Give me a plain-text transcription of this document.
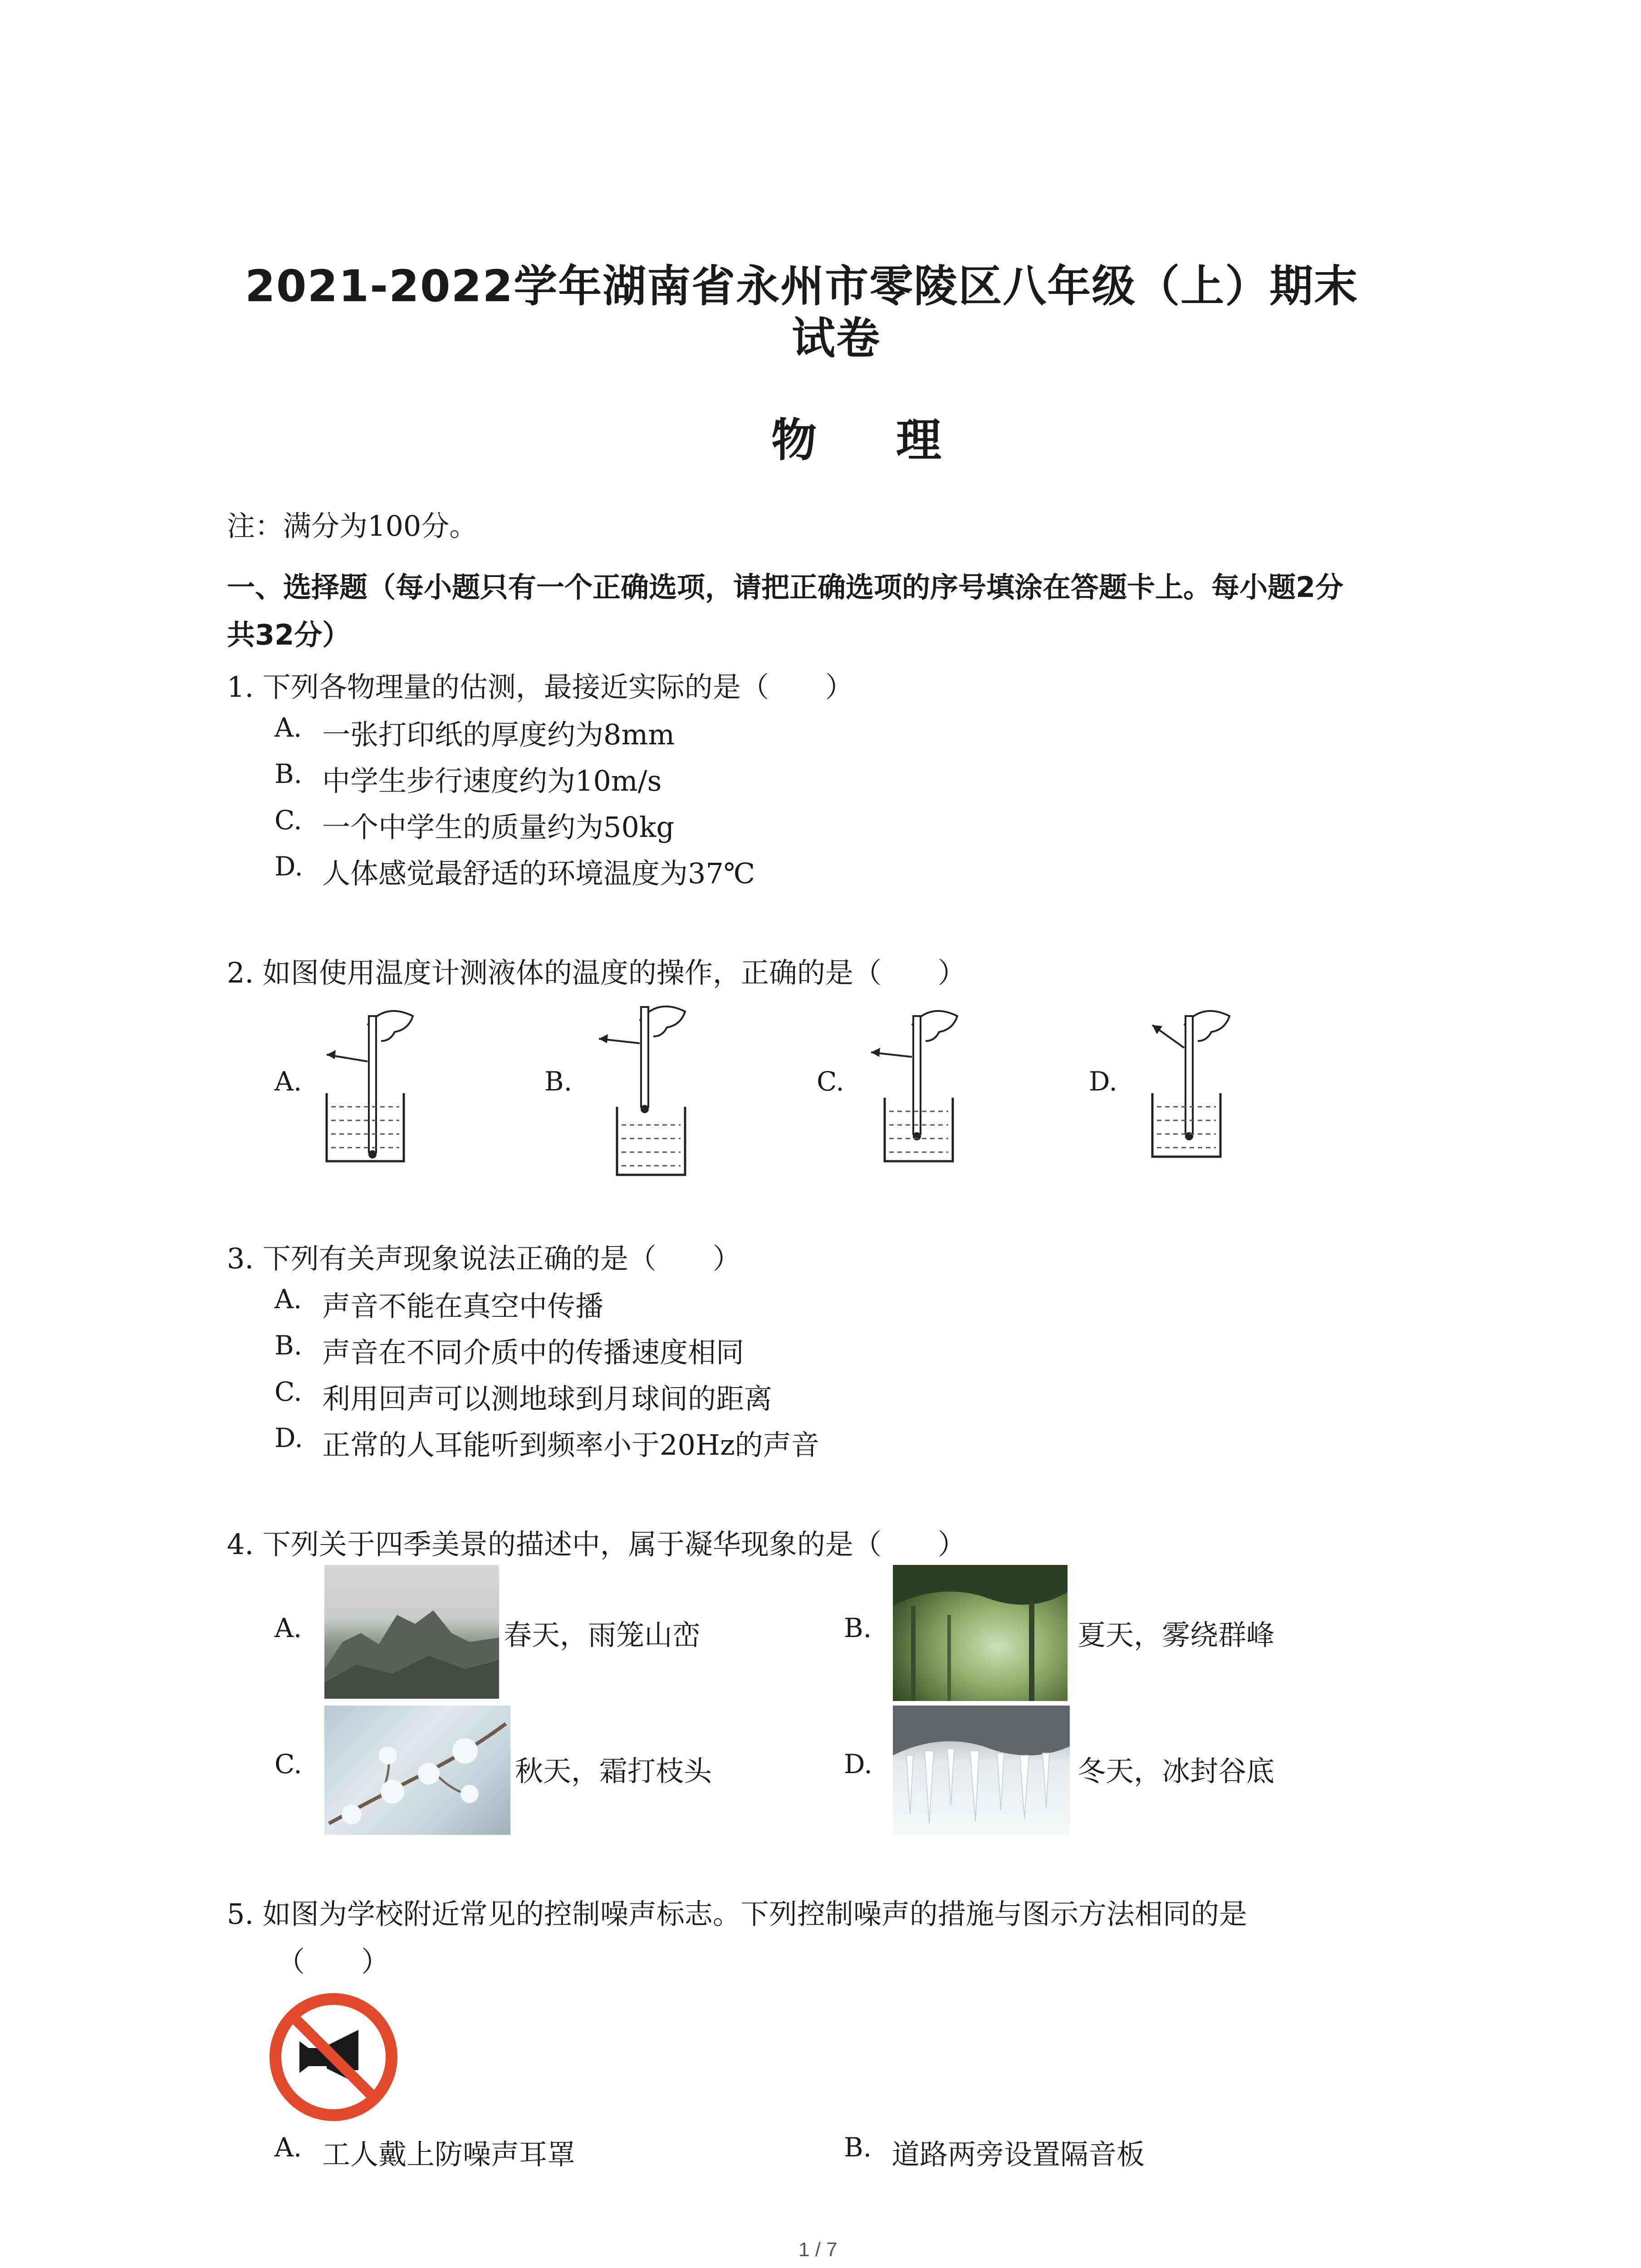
2021-2022学年湖南省永州市零陵区八年级（上）期末
试卷
物 理
注：满分为100分。
一、选择题（每小题只有一个正确选项，请把正确选项的序号填涂在答题卡上。每小题2分
共32分）
1. 下列各物理量的估测，最接近实际的是（　　）
A. 一张打印纸的厚度约为8mm
B. 中学生步行速度约为10m/s
C. 一个中学生的质量约为50kg
D. 人体感觉最舒适的环境温度为37℃
2. 如图使用温度计测液体的温度的操作，正确的是（　　）
A.	B.	C.	D.
3. 下列有关声现象说法正确的是（　　）
A. 声音不能在真空中传播
B. 声音在不同介质中的传播速度相同
C. 利用回声可以测地球到月球间的距离
D. 正常的人耳能听到频率小于20Hz的声音
4. 下列关于四季美景的描述中，属于凝华现象的是（　　）
A.	春天，雨笼山峦	B.	夏天，雾绕群峰
C.	秋天，霜打枝头	D.	冬天，冰封谷底
5. 如图为学校附近常见的控制噪声标志。下列控制噪声的措施与图示方法相同的是
（　　）
A. 工人戴上防噪声耳罩	B. 道路两旁设置隔音板
1 / 7
